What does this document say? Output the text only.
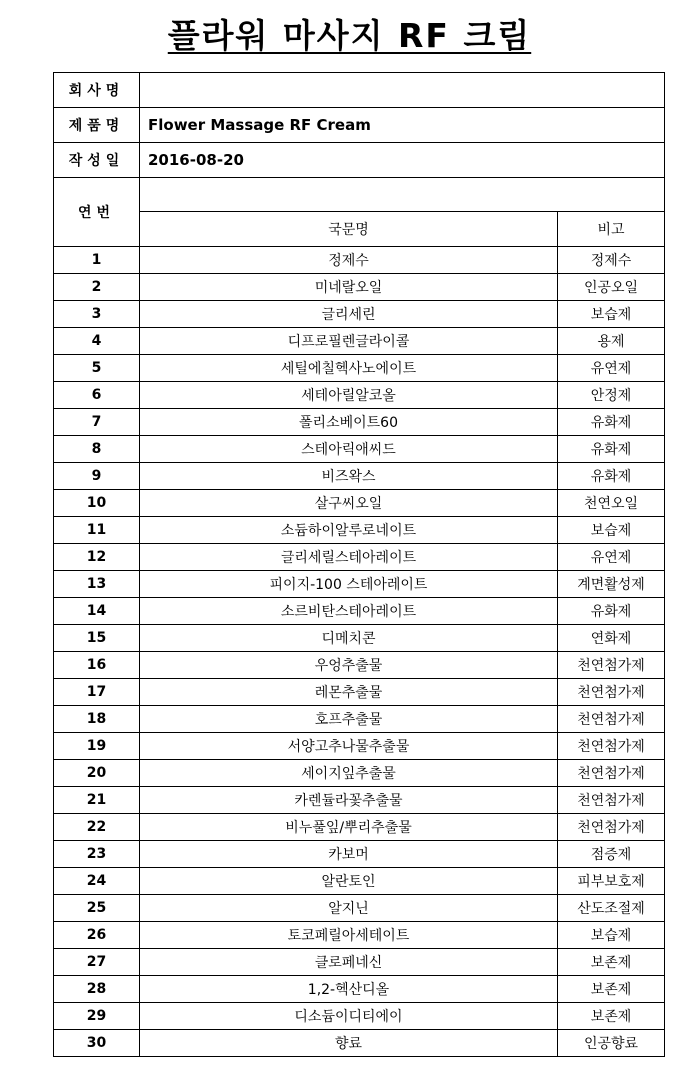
플라워 마사지 RF 크림
회사명		
제품명	Flower Massage RF Cream	
작성일	2016-08-20	
연번		
	국문명	비고
1	정제수	정제수
2	미네랄오일	인공오일
3	글리세린	보습제
4	디프로필렌글라이콜	용제
5	세틸에칠헥사노에이트	유연제
6	세테아릴알코올	안정제
7	폴리소베이트60	유화제
8	스테아릭애씨드	유화제
9	비즈왁스	유화제
10	살구씨오일	천연오일
11	소듐하이알루로네이트	보습제
12	글리세릴스테아레이트	유연제
13	피이지-100 스테아레이트	계면활성제
14	소르비탄스테아레이트	유화제
15	디메치콘	연화제
16	우엉추출물	천연첨가제
17	레몬추출물	천연첨가제
18	호프추출물	천연첨가제
19	서양고추나물추출물	천연첨가제
20	세이지잎추출물	천연첨가제
21	카렌듈라꽃추출물	천연첨가제
22	비누풀잎/뿌리추출물	천연첨가제
23	카보머	점증제
24	알란토인	피부보호제
25	알지닌	산도조절제
26	토코페릴아세테이트	보습제
27	클로페네신	보존제
28	1,2-헥산디올	보존제
29	디소듐이디티에이	보존제
30	향료	인공향료
